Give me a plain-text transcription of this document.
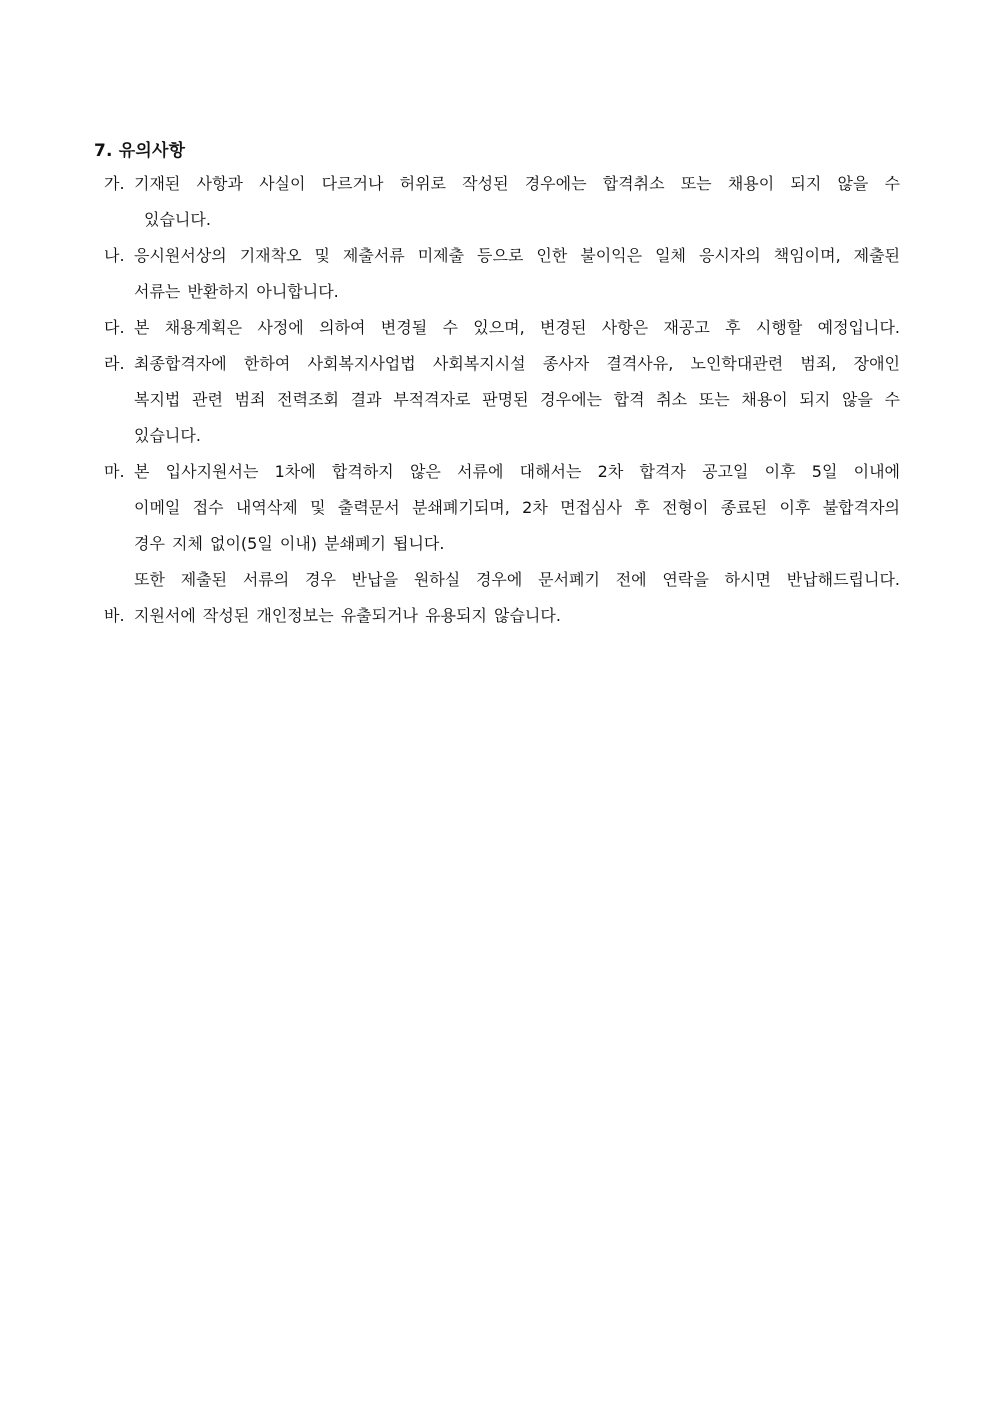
7. 유의사항
가. 기재된 사항과 사실이 다르거나 허위로 작성된 경우에는 합격취소 또는 채용이 되지 않을 수
있습니다.
나. 응시원서상의 기재착오 및 제출서류 미제출 등으로 인한 불이익은 일체 응시자의 책임이며, 제출된
서류는 반환하지 아니합니다.
다. 본 채용계획은 사정에 의하여 변경될 수 있으며, 변경된 사항은 재공고 후 시행할 예정입니다.
라. 최종합격자에 한하여 사회복지사업법 사회복지시설 종사자 결격사유, 노인학대관련 범죄, 장애인
복지법 관련 범죄 전력조회 결과 부적격자로 판명된 경우에는 합격 취소 또는 채용이 되지 않을 수
있습니다.
마. 본 입사지원서는 1차에 합격하지 않은 서류에 대해서는 2차 합격자 공고일 이후 5일 이내에
이메일 접수 내역삭제 및 출력문서 분쇄폐기되며, 2차 면접심사 후 전형이 종료된 이후 불합격자의
경우 지체 없이(5일 이내) 분쇄폐기 됩니다.
또한 제출된 서류의 경우 반납을 원하실 경우에 문서폐기 전에 연락을 하시면 반납해드립니다.
바. 지원서에 작성된 개인정보는 유출되거나 유용되지 않습니다.
